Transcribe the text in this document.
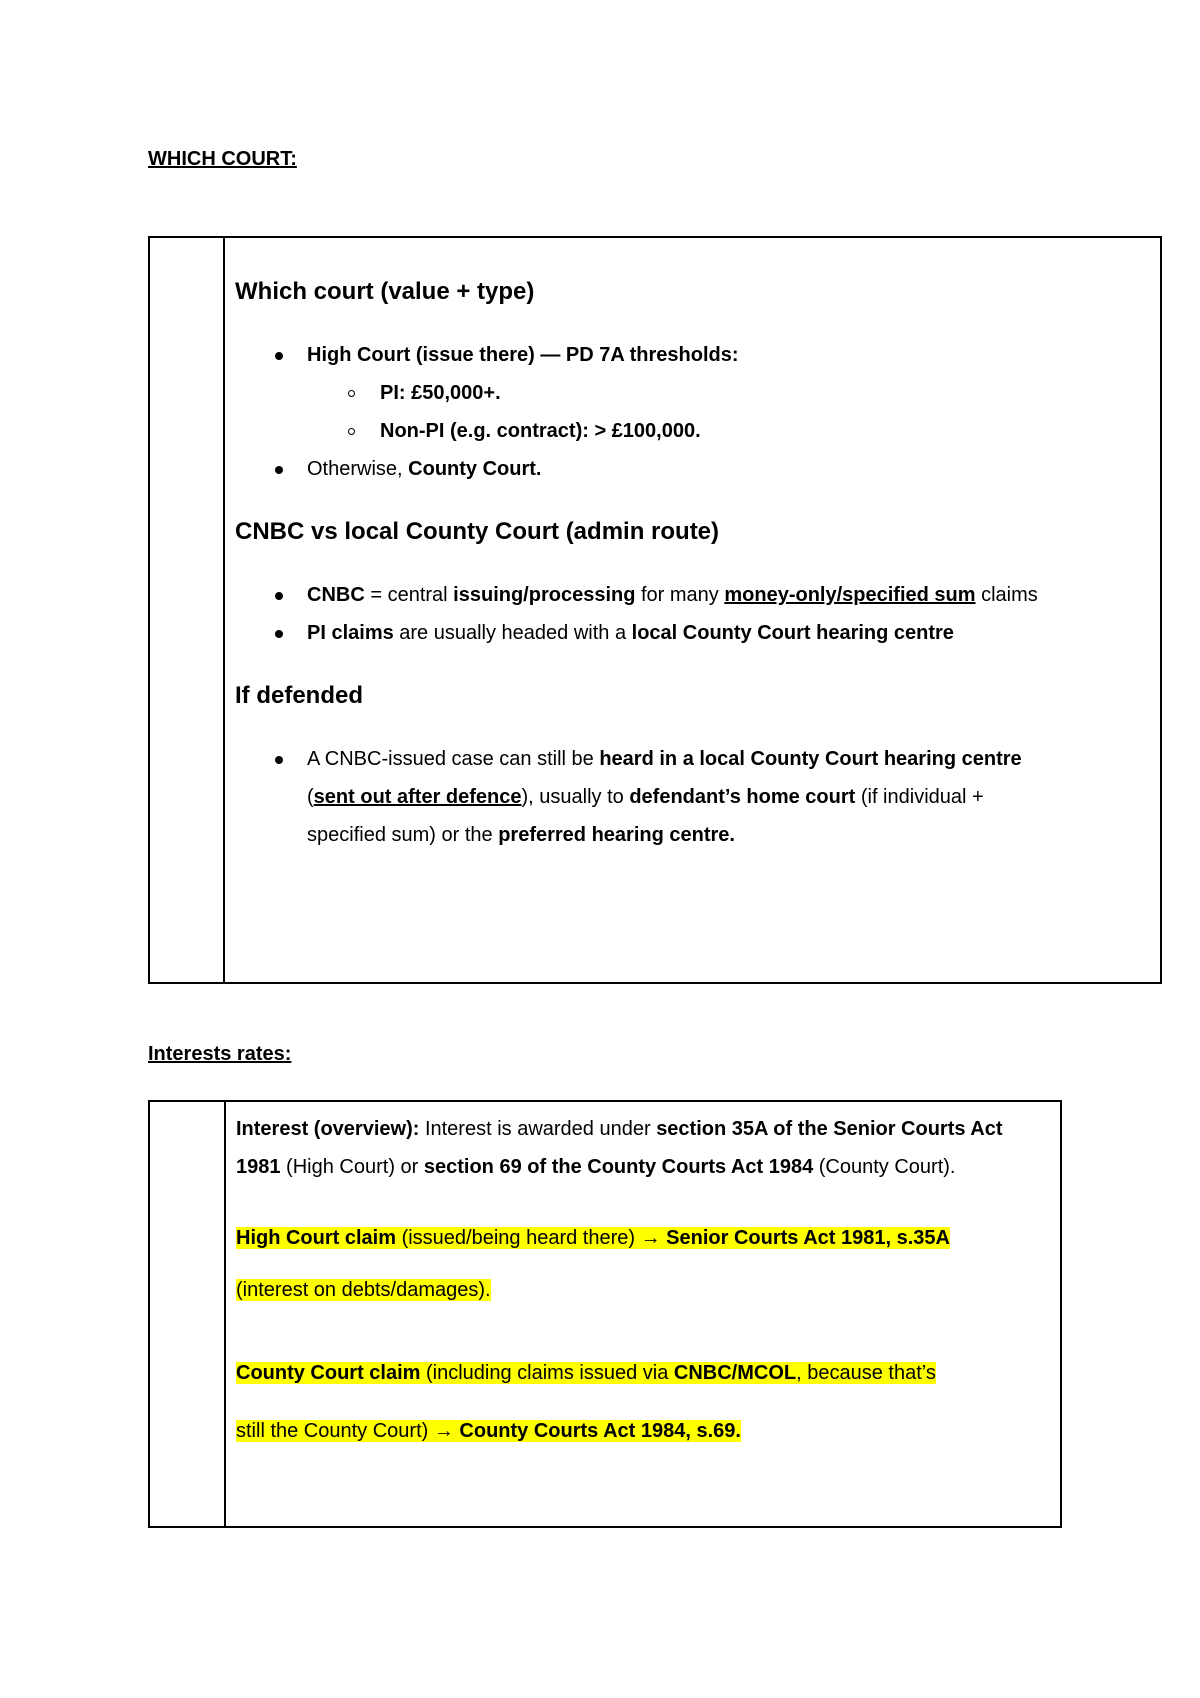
WHICH COURT:

Which court (value + type)
High Court (issue there) — PD 7A thresholds:
PI: £50,000+.
Non-PI (e.g. contract): > £100,000.
Otherwise, County Court.
CNBC vs local County Court (admin route)
CNBC = central issuing/processing for many money-only/specified sum claims
PI claims are usually headed with a local County Court hearing centre
If defended
A CNBC-issued case can still be heard in a local County Court hearing centre
(sent out after defence), usually to defendant’s home court (if individual +
specified sum) or the preferred hearing centre.
Interests rates:

Interest (overview): Interest is awarded under section 35A of the Senior Courts Act 1981 (High Court) or section 69 of the County Courts Act 1984 (County Court).

High Court claim (issued/being heard there) → Senior Courts Act 1981, s.35A
(interest on debts/damages).

County Court claim (including claims issued via CNBC/MCOL, because that’s
still the County Court) → County Courts Act 1984, s.69.
